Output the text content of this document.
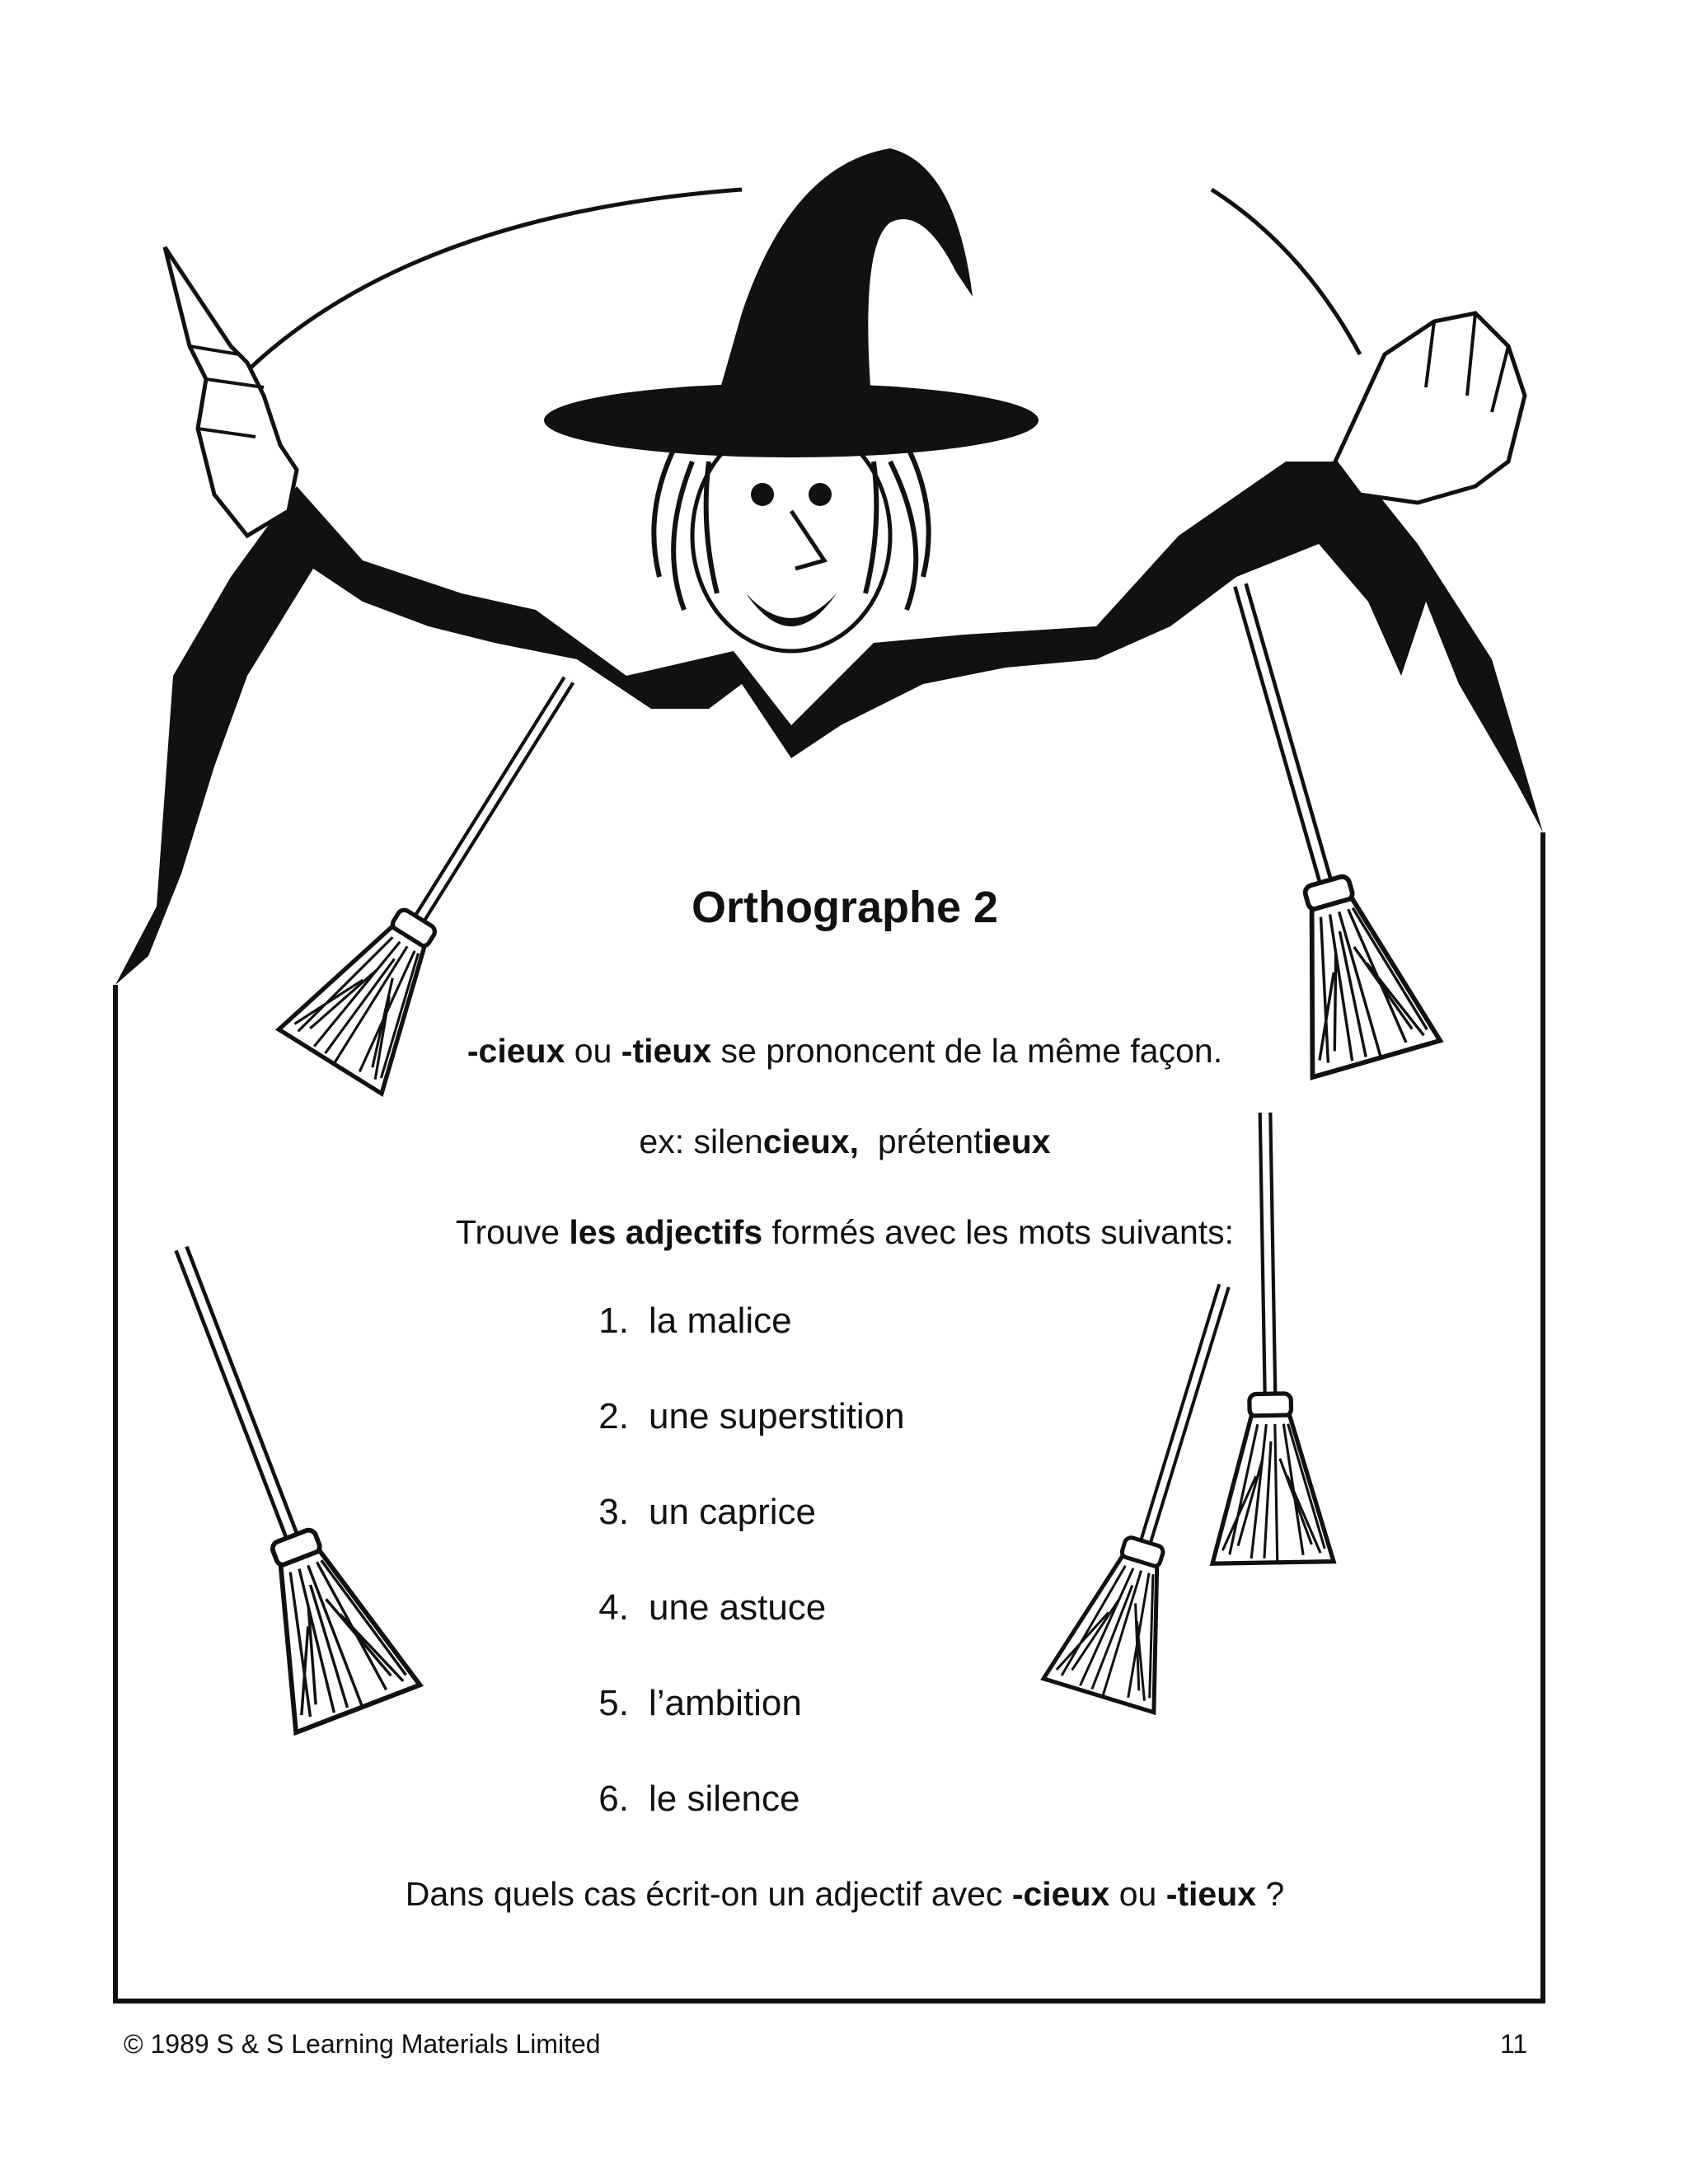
Orthographe 2
-cieux ou -tieux se prononcent de la même façon.
ex: silencieux,  prétentieux
Trouve les adjectifs formés avec les mots suivants:
1. la malice
2. une superstition
3. un caprice
4. une astuce
5. l’ambition
6. le silence
Dans quels cas écrit-on un adjectif avec -cieux ou -tieux ?
© 1989 S & S Learning Materials Limited	11
